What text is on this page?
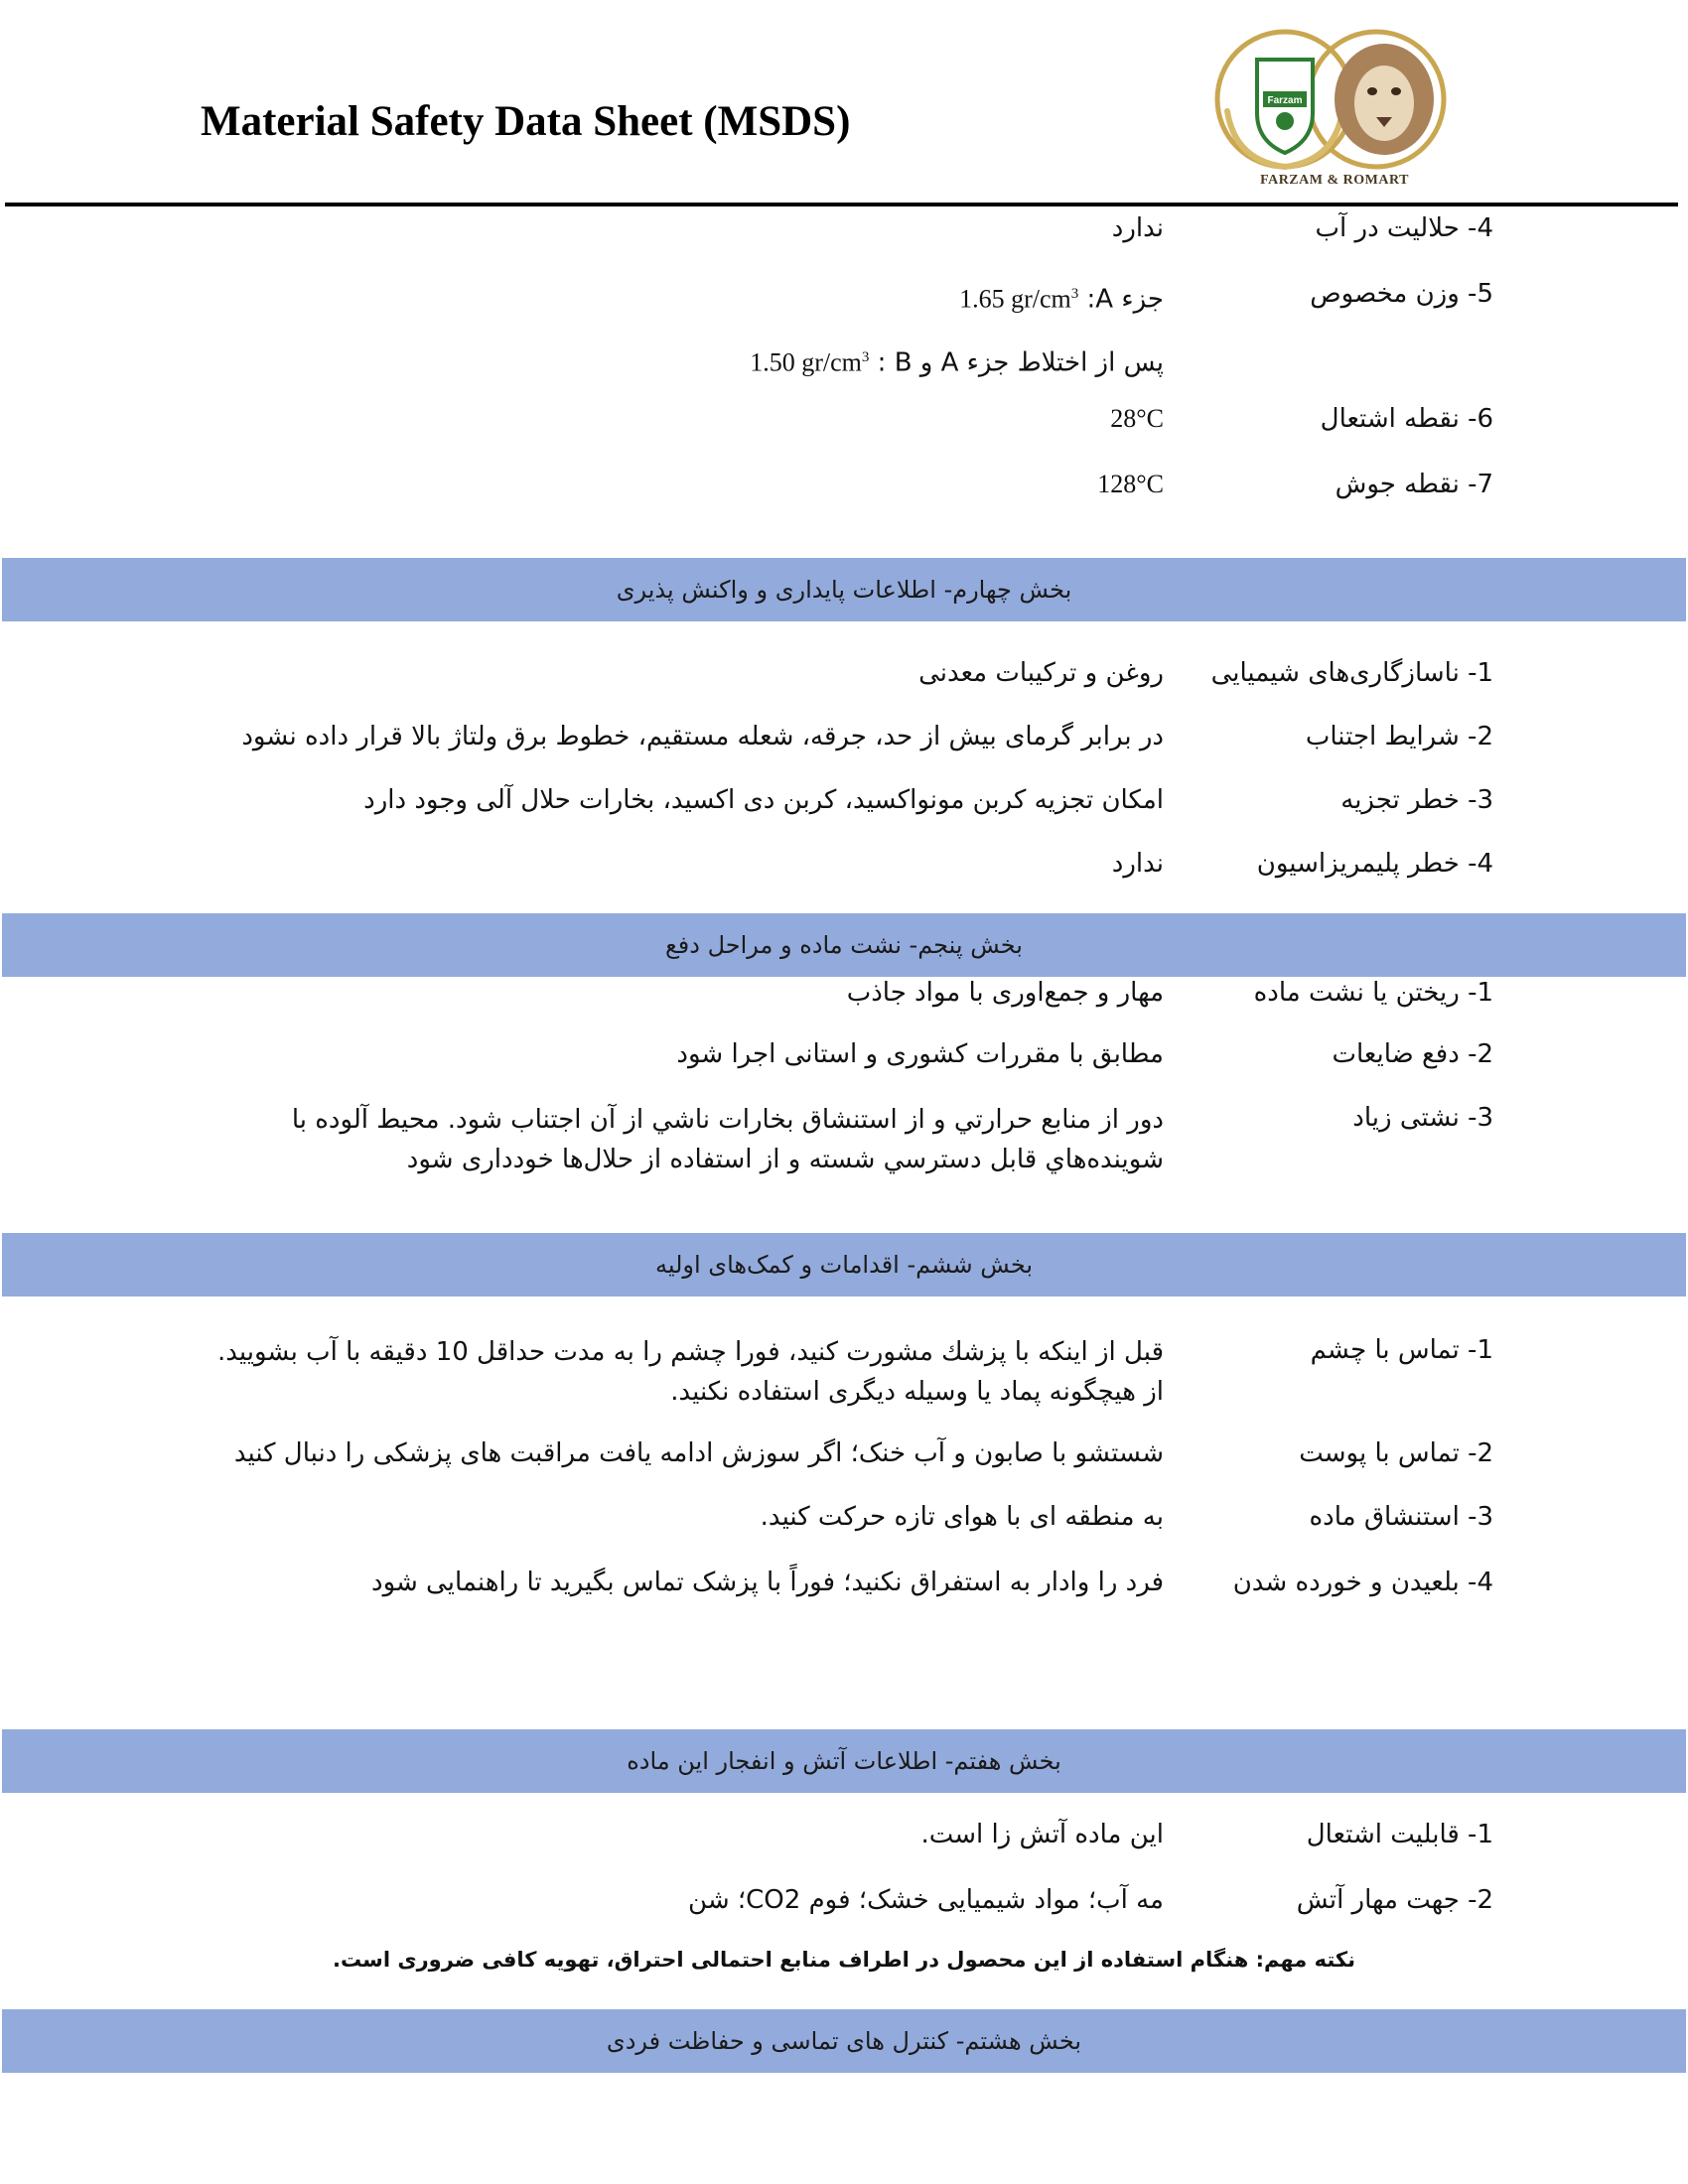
Material Safety Data Sheet (MSDS)	Farzam
FARZAM & ROMART
4- حلالیت در آب
ندارد
5- وزن مخصوص
جزء A: 1.65 $gr/cm^3$
پس از اختلاط جزء A و B : 1.50 $gr/cm^3$
6- نقطه اشتعال
28°C
7- نقطه جوش
128°C
بخش چهارم- اطلاعات پایداری و واکنش پذیری
1- ناسازگاری‌های شیمیایی
روغن و ترکیبات معدنی
2- شرایط اجتناب
در برابر گرمای بیش از حد، جرقه، شعله مستقیم، خطوط برق ولتاژ بالا قرار داده نشود
3- خطر تجزیه
امکان تجزیه کربن مونواکسید، کربن دی اکسید، بخارات حلال آلی وجود دارد
4- خطر پلیمریزاسیون
ندارد
بخش پنجم- نشت ماده و مراحل دفع
1- ریختن یا نشت ماده
مهار و جمع‌اوری با مواد جاذب
2- دفع ضایعات
مطابق با مقررات کشوری و استانی اجرا شود
3- نشتی زیاد
دور از منابع حرارتي و از استنشاق بخارات ناشي از آن اجتناب شود. محیط آلوده با شوینده‌هاي قابل دسترسي شسته و از استفاده از حلال‌ها خودداری شود
بخش ششم- اقدامات و کمک‌های اولیه
1- تماس با چشم
قبل از اینکه با پزشك مشورت کنید، فورا چشم را به مدت حداقل 10 دقیقه با آب بشویید. از هیچگونه پماد یا وسیله دیگری استفاده نکنید.
2- تماس با پوست
شستشو با صابون و آب خنک؛ اگر سوزش ادامه یافت مراقبت های پزشکی را دنبال کنید
3- استنشاق ماده
به منطقه ای با هوای تازه حرکت کنید.
4- بلعیدن و خورده شدن
فرد را وادار به استفراق نکنید؛ فوراً با پزشک تماس بگیرید تا راهنمایی شود
بخش هفتم- اطلاعات آتش و انفجار این ماده
1- قابلیت اشتعال
این ماده آتش زا است.
2- جهت مهار آتش
مه آب؛ مواد شیمیایی خشک؛ فوم CO2؛ شن
نکته مهم: هنگام استفاده از این محصول در اطراف منابع احتمالی احتراق، تهویه کافی ضروری است.
بخش هشتم- کنترل های تماسی و حفاظت فردی
